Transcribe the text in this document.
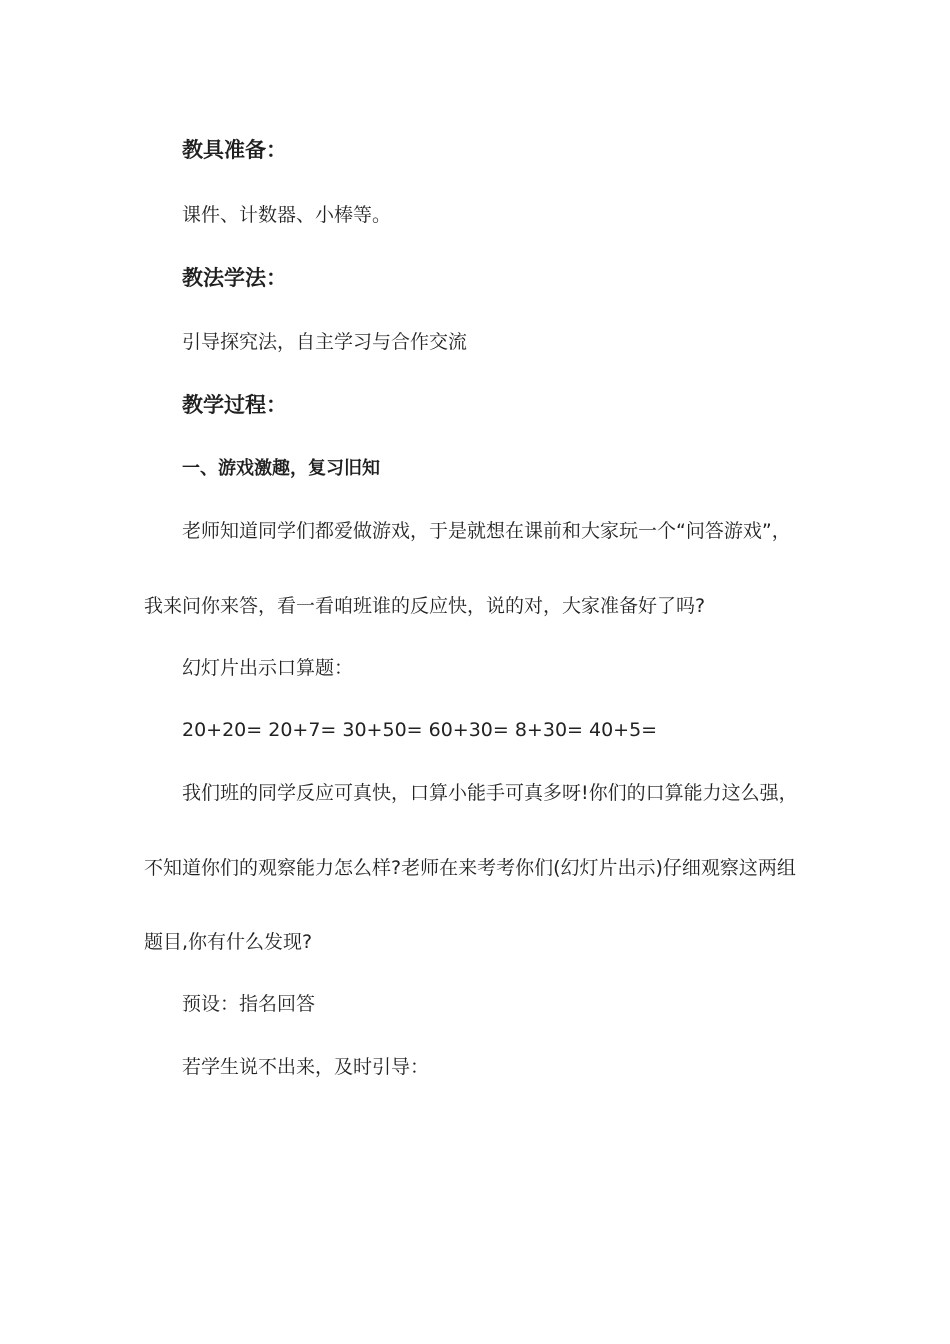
教具准备：
课件、计数器、小棒等。
教法学法：
引导探究法，自主学习与合作交流
教学过程：
一、游戏激趣，复习旧知
老师知道同学们都爱做游戏，于是就想在课前和大家玩一个“问答游戏”，
我来问你来答，看一看咱班谁的反应快，说的对，大家准备好了吗?
幻灯片出示口算题：
20+20= 20+7= 30+50= 60+30= 8+30= 40+5=
我们班的同学反应可真快，口算小能手可真多呀!你们的口算能力这么强，
不知道你们的观察能力怎么样?老师在来考考你们(幻灯片出示)仔细观察这两组
题目,你有什么发现?
预设：指名回答
若学生说不出来，及时引导：
